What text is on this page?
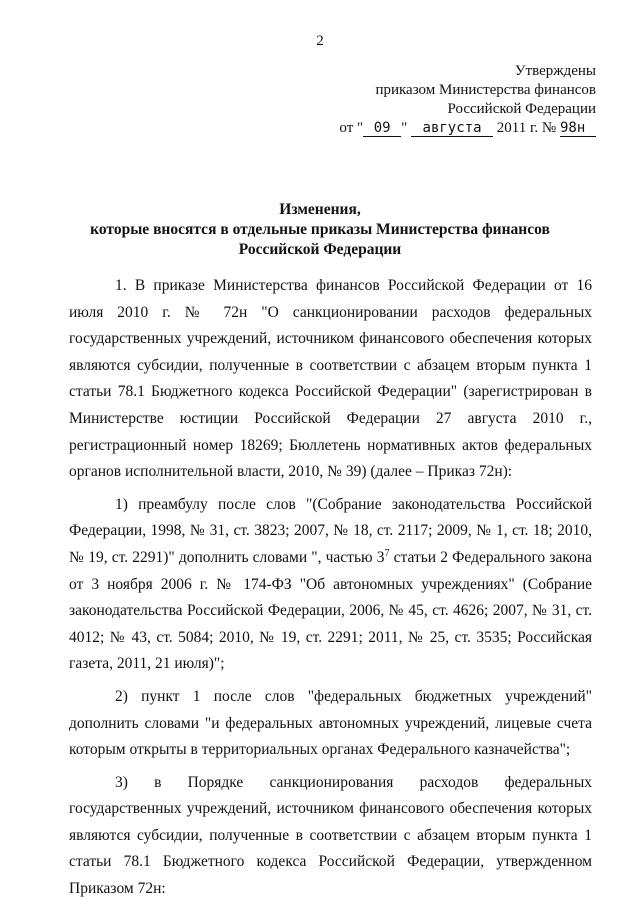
2
Утверждены
приказом Министерства финансов
Российской Федерации
от " 09 " августа 2011 г. № 98н
Изменения,
которые вносятся в отдельные приказы Министерства финансов
Российской Федерации

1. В приказе Министерства финансов Российской Федерации от 16 июля 2010 г. № 72н "О санкционировании расходов федеральных государственных учреждений, источником финансового обеспечения которых являются субсидии, полученные в соответствии с абзацем вторым пункта 1 статьи 78.1 Бюджетного кодекса Российской Федерации" (зарегистрирован в Министерстве юстиции Российской Федерации 27 августа 2010 г., регистрационный номер 18269; Бюллетень нормативных актов федеральных органов исполнительной власти, 2010, № 39) (далее – Приказ 72н):

1) преамбулу после слов "(Собрание законодательства Российской Федерации, 1998, № 31, ст. 3823; 2007, № 18, ст. 2117; 2009, № 1, ст. 18; 2010, № 19, ст. 2291)" дополнить словами ", частью $3^7$ статьи 2 Федерального закона от 3 ноября 2006 г. № 174-ФЗ "Об автономных учреждениях" (Собрание законодательства Российской Федерации, 2006, № 45, ст. 4626; 2007, № 31, ст. 4012; № 43, ст. 5084; 2010, № 19, ст. 2291; 2011, № 25, ст. 3535; Российская газета, 2011, 21 июля)";

2) пункт 1 после слов "федеральных бюджетных учреждений" дополнить словами "и федеральных автономных учреждений, лицевые счета которым открыты в территориальных органах Федерального казначейства";

3) в Порядке санкционирования расходов федеральных государственных учреждений, источником финансового обеспечения которых являются субсидии, полученные в соответствии с абзацем вторым пункта 1 статьи 78.1 Бюджетного кодекса Российской Федерации, утвержденном Приказом 72н:
